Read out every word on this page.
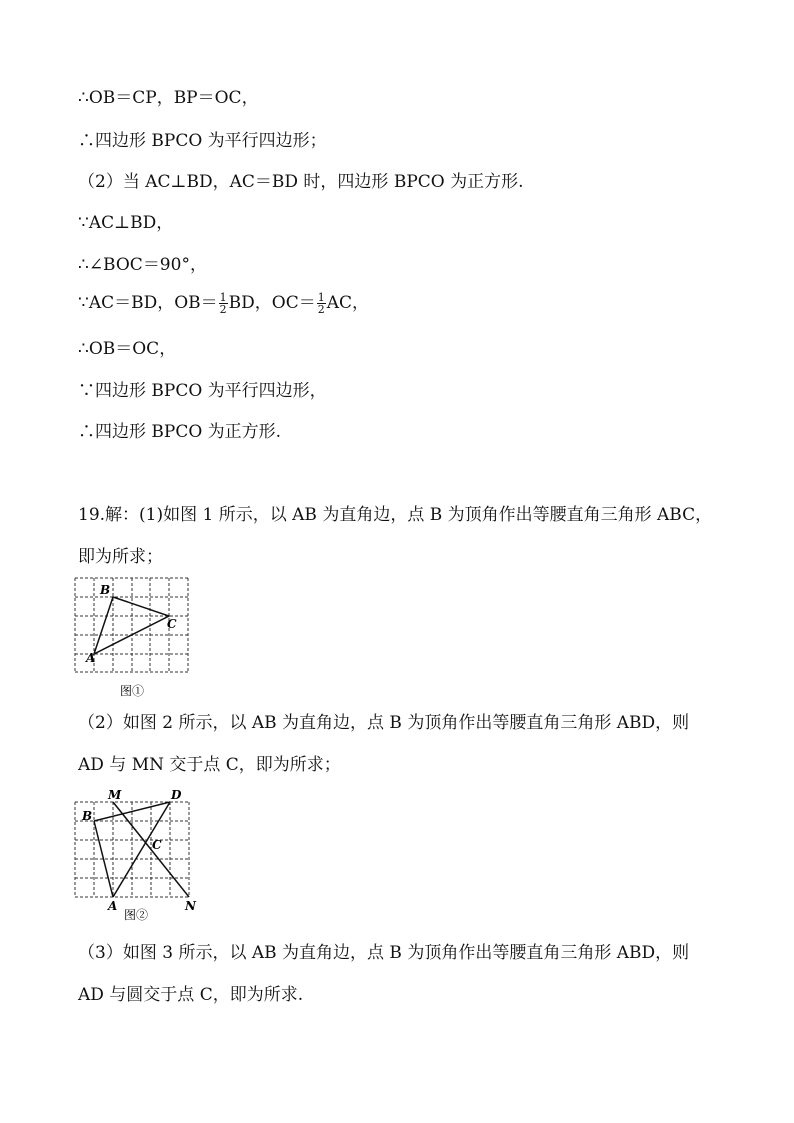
∴OB＝CP，BP＝OC，
∴四边形 BPCO 为平行四边形；
（2）当 AC⊥BD，AC＝BD 时，四边形 BPCO 为正方形.
∵AC⊥BD，
∴∠BOC＝90°，
∵AC＝BD，$OB= \frac{1}{2}$ BD，$OC= \frac{1}{2}$ AC，
∴OB＝OC，
∵四边形 BPCO 为平行四边形，
∴四边形 BPCO 为正方形.
19.解：(1)如图 1 所示，以 AB 为直角边，点 B 为顶角作出等腰直角三角形 ABC，
即为所求；
B
C
A
图①
（2）如图 2 所示，以 AB 为直角边，点 B 为顶角作出等腰直角三角形 ABD，则
AD 与 MN 交于点 C，即为所求；
M	D
B
C
A	N
图②
（3）如图 3 所示，以 AB 为直角边，点 B 为顶角作出等腰直角三角形 ABD，则
AD 与圆交于点 C，即为所求.
